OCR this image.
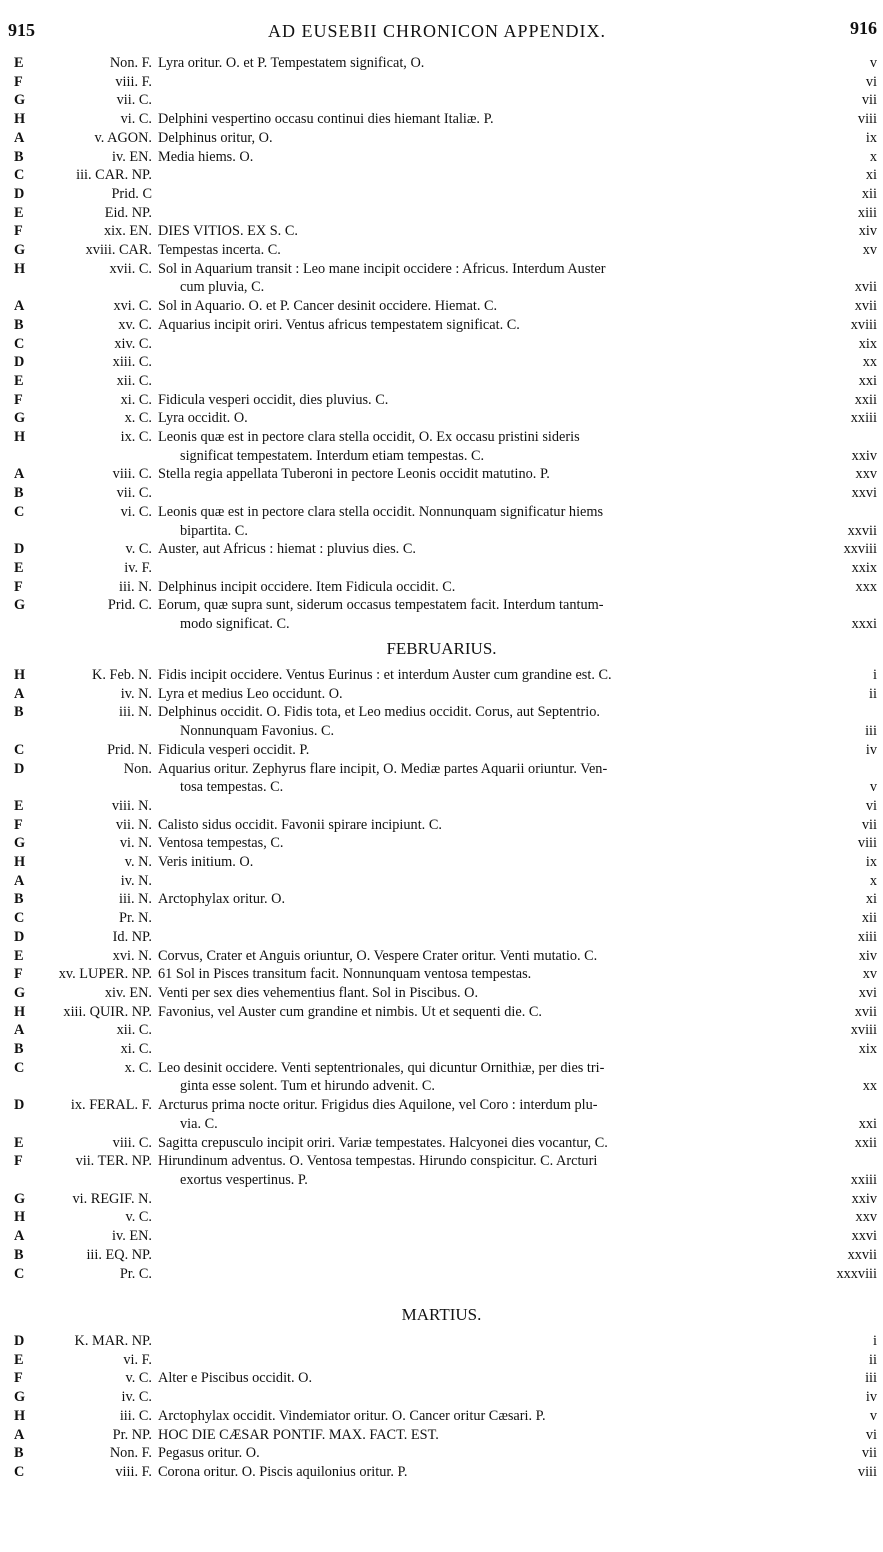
915	AD EUSEBII CHRONICON APPENDIX.	916
E	Non. F. Lyra oritur. O. et P. Tempestatem significat, O.	v
F	viii. F.	vi
G	vii. C.	vii
H	vi. C. Delphini vespertino occasu continui dies hiemant Italiæ. P.	viii
A	v. AGON. Delphinus oritur, O.	ix
B	iv. EN. Media hiems. O.	x
C	iii. CAR. NP.	xi
D	Prid. C	xii
E	Eid. NP.	xiii
F	xix. EN. DIES VITIOS. EX S. C.	xiv
G	xviii. CAR. Tempestas incerta. C.	xv
H	xvii. C. Sol in Aquarium transit : Leo mane incipit occidere : Africus. Interdum Auster
cum pluvia, C.	xvii
A	xvi. C. Sol in Aquario. O. et P. Cancer desinit occidere. Hiemat. C.	xvii
B	xv. C. Aquarius incipit oriri. Ventus africus tempestatem significat. C.	xviii
C	xiv. C.	xix
D	xiii. C.	xx
E	xii. C.	xxi
F	xi. C. Fidicula vesperi occidit, dies pluvius. C.	xxii
G	x. C. Lyra occidit. O.	xxiii
H	ix. C. Leonis quæ est in pectore clara stella occidit, O. Ex occasu pristini sideris
significat tempestatem. Interdum etiam tempestas. C.	xxiv
A	viii. C. Stella regia appellata Tuberoni in pectore Leonis occidit matutino. P.	xxv
B	vii. C.	xxvi
C	vi. C. Leonis quæ est in pectore clara stella occidit. Nonnunquam significatur hiems
bipartita. C.	xxvii
D	v. C. Auster, aut Africus : hiemat : pluvius dies. C.	xxviii
E	iv. F.	xxix
F	iii. N. Delphinus incipit occidere. Item Fidicula occidit. C.	xxx
G	Prid. C. Eorum, quæ supra sunt, siderum occasus tempestatem facit. Interdum tantum-
modo significat. C.	xxxi
FEBRUARIUS.
H	K. Feb. N. Fidis incipit occidere. Ventus Eurinus : et interdum Auster cum grandine est. C.	i
A	iv. N. Lyra et medius Leo occidunt. O.	ii
B	iii. N. Delphinus occidit. O. Fidis tota, et Leo medius occidit. Corus, aut Septentrio.
Nonnunquam Favonius. C.	iii
C	Prid. N. Fidicula vesperi occidit. P.	iv
D	Non. Aquarius oritur. Zephyrus flare incipit, O. Mediæ partes Aquarii oriuntur. Ven-
tosa tempestas. C.	v
E	viii. N.	vi
F	vii. N. Calisto sidus occidit. Favonii spirare incipiunt. C.	vii
G	vi. N. Ventosa tempestas, C.	viii
H	v. N. Veris initium. O.	ix
A	iv. N.	x
B	iii. N. Arctophylax oritur. O.	xi
C	Pr. N.	xii
D	Id. NP.	xiii
E	xvi. N. Corvus, Crater et Anguis oriuntur, O. Vespere Crater oritur. Venti mutatio. C.	xiv
F	xv. LUPER. NP. 61 Sol in Pisces transitum facit. Nonnunquam ventosa tempestas.	xv
G	xiv. EN. Venti per sex dies vehementius flant. Sol in Piscibus. O.	xvi
H	xiii. QUIR. NP. Favonius, vel Auster cum grandine et nimbis. Ut et sequenti die. C.	xvii
A	xii. C.	xviii
B	xi. C.	xix
C	x. C. Leo desinit occidere. Venti septentrionales, qui dicuntur Ornithiæ, per dies tri-
ginta esse solent. Tum et hirundo advenit. C.	xx
D	ix. FERAL. F. Arcturus prima nocte oritur. Frigidus dies Aquilone, vel Coro : interdum plu-
via. C.	xxi
E	viii. C. Sagitta crepusculo incipit oriri. Variæ tempestates. Halcyonei dies vocantur, C.	xxii
F	vii. TER. NP. Hirundinum adventus. O. Ventosa tempestas. Hirundo conspicitur. C. Arcturi
exortus vespertinus. P.	xxiii
G	vi. REGIF. N.	xxiv
H	v. C.	xxv
A	iv. EN.	xxvi
B	iii. EQ. NP.	xxvii
C	Pr. C.	xxxviii
MARTIUS.
D	K. MAR. NP.	i
E	vi. F.	ii
F	v. C. Alter e Piscibus occidit. O.	iii
G	iv. C.	iv
H	iii. C. Arctophylax occidit. Vindemiator oritur. O. Cancer oritur Cæsari. P.	v
A	Pr. NP. HOC DIE CÆSAR PONTIF. MAX. FACT. EST.	vi
B	Non. F. Pegasus oritur. O.	vii
C	viii. F. Corona oritur. O. Piscis aquilonius oritur. P.	viii
